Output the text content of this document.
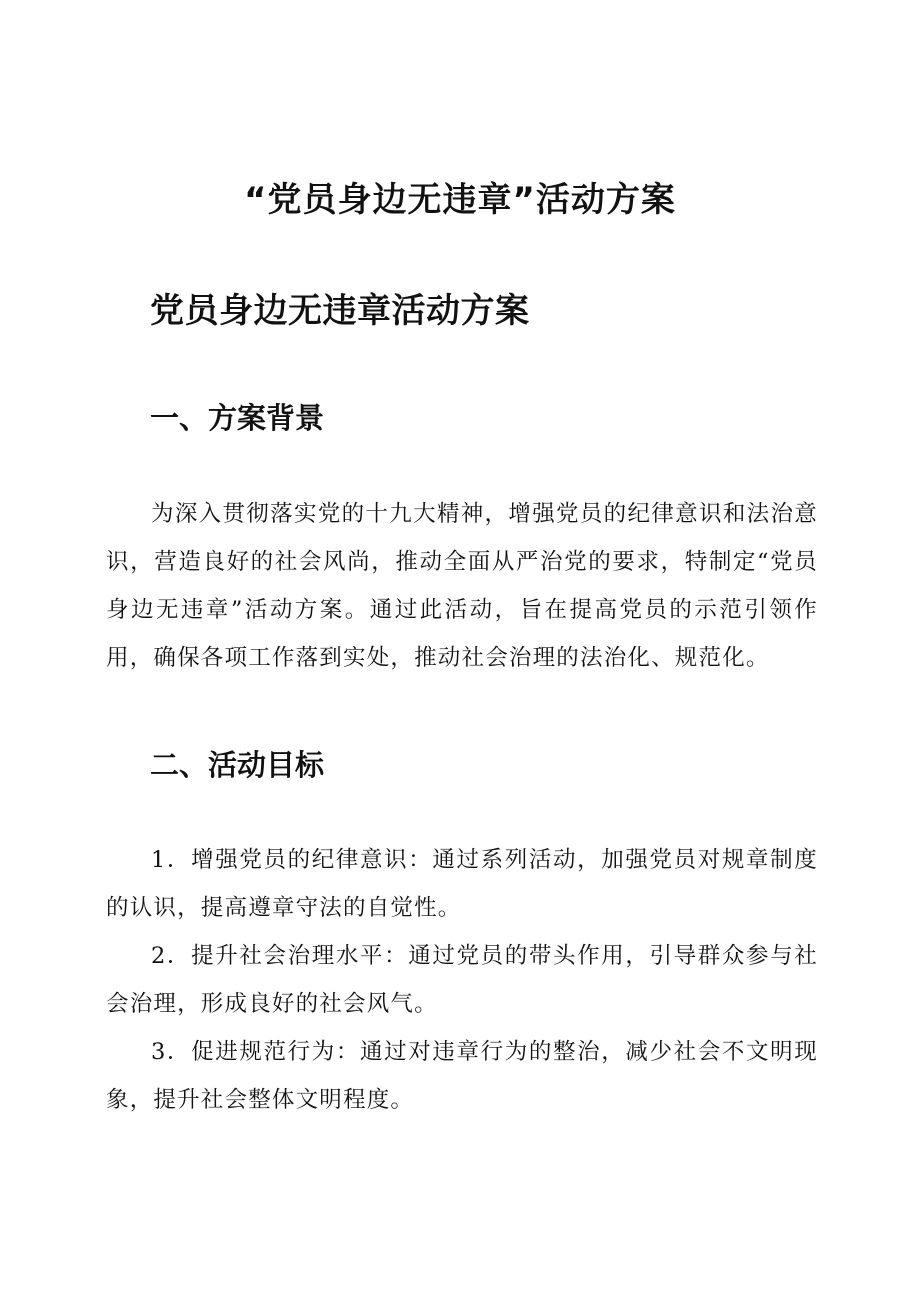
“党员身边无违章”活动方案
党员身边无违章活动方案
一、方案背景

为深入贯彻落实党的十九大精神，增强党员的纪律意识和法治意识，营造良好的社会风尚，推动全面从严治党的要求，特制定“党员身边无违章”活动方案。通过此活动，旨在提高党员的示范引领作用，确保各项工作落到实处，推动社会治理的法治化、规范化。

二、活动目标

1．增强党员的纪律意识：通过系列活动，加强党员对规章制度的认识，提高遵章守法的自觉性。

2．提升社会治理水平：通过党员的带头作用，引导群众参与社会治理，形成良好的社会风气。

3．促进规范行为：通过对违章行为的整治，减少社会不文明现象，提升社会整体文明程度。
